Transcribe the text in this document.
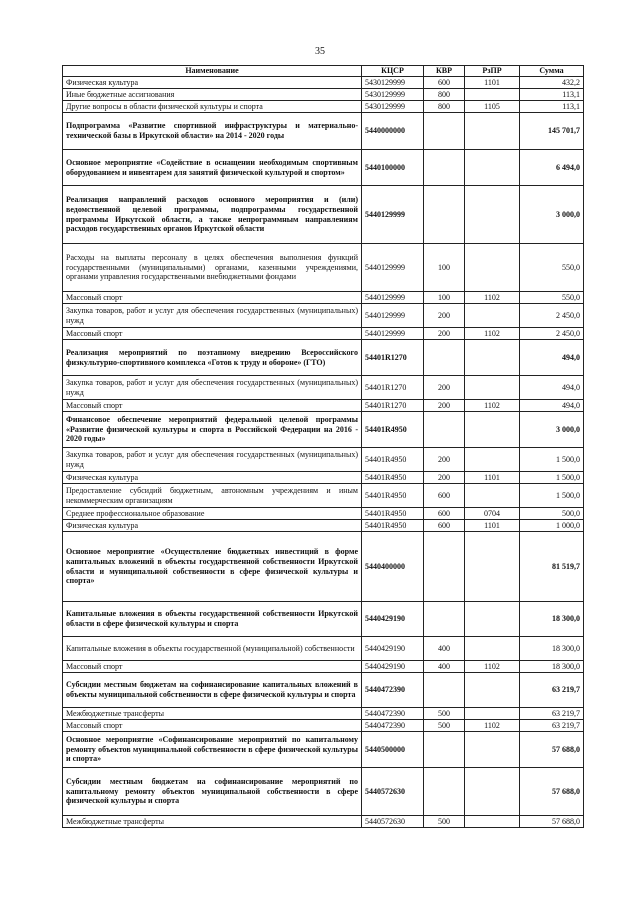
35
Наименование	КЦСР	КВР	РзПР	Сумма
Физическая культура	5430129999	600	1101	432,2
Иные бюджетные ассигнования	5430129999	800		113,1
Другие вопросы в области физической культуры и спорта	5430129999	800	1105	113,1
Подпрограмма «Развитие спортивной инфраструктуры и материально- технической базы в Иркутской области» на 2014 - 2020 годы	5440000000			145 701,7
Основное мероприятие «Содействие в оснащении необходимым спортивным оборудованием и инвентарем для занятий физической культурой и спортом»	5440100000			6 494,0
Реализация направлений расходов основного мероприятия и (или) ведомственной целевой программы, подпрограммы государственной программы Иркутской области, а также непрограммным направлениям расходов государственных органов Иркутской области	5440129999			3 000,0
Расходы на выплаты персоналу в целях обеспечения выполнения функций государственными (муниципальными) органами, казенными учреждениями, органами управления государственными внебюджетными фондами	5440129999	100		550,0
Массовый спорт	5440129999	100	1102	550,0
Закупка товаров, работ и услуг для обеспечения государственных (муниципальных) нужд	5440129999	200		2 450,0
Массовый спорт	5440129999	200	1102	2 450,0
Реализация мероприятий по поэтапному внедрению Всероссийского физкультурно-спортивного комплекса «Готов к труду и обороне» (ГТО)	54401R1270			494,0
Закупка товаров, работ и услуг для обеспечения государственных (муниципальных) нужд	54401R1270	200		494,0
Массовый спорт	54401R1270	200	1102	494,0
Финансовое обеспечение мероприятий федеральной целевой программы «Развитие физической культуры и спорта в Российской Федерации на 2016 - 2020 годы»	54401R4950			3 000,0
Закупка товаров, работ и услуг для обеспечения государственных (муниципальных) нужд	54401R4950	200		1 500,0
Физическая культура	54401R4950	200	1101	1 500,0
Предоставление субсидий бюджетным, автономным учреждениям и иным некоммерческим организациям	54401R4950	600		1 500,0
Среднее профессиональное образование	54401R4950	600	0704	500,0
Физическая культура	54401R4950	600	1101	1 000,0
Основное мероприятие «Осуществление бюджетных инвестиций в форме капитальных вложений в объекты государственной собственности Иркутской области и муниципальной собственности в сфере физической культуры и спорта»	5440400000			81 519,7
Капитальные вложения в объекты государственной собственности Иркутской области в сфере физической культуры и спорта	5440429190			18 300,0
Капитальные вложения в объекты государственной (муниципальной) собственности	5440429190	400		18 300,0
Массовый спорт	5440429190	400	1102	18 300,0
Субсидии местным бюджетам на софинансирование капитальных вложений в объекты муниципальной собственности в сфере физической культуры и спорта	5440472390			63 219,7
Межбюджетные трансферты	5440472390	500		63 219,7
Массовый спорт	5440472390	500	1102	63 219,7
Основное мероприятие «Софинансирование мероприятий по капитальному ремонту объектов муниципальной собственности в сфере физической культуры и спорта»	5440500000			57 688,0
Субсидии местным бюджетам на софинансирование мероприятий по капитальному ремонту объектов муниципальной собственности в сфере физической культуры и спорта	5440572630			57 688,0
Межбюджетные трансферты	5440572630	500		57 688,0
